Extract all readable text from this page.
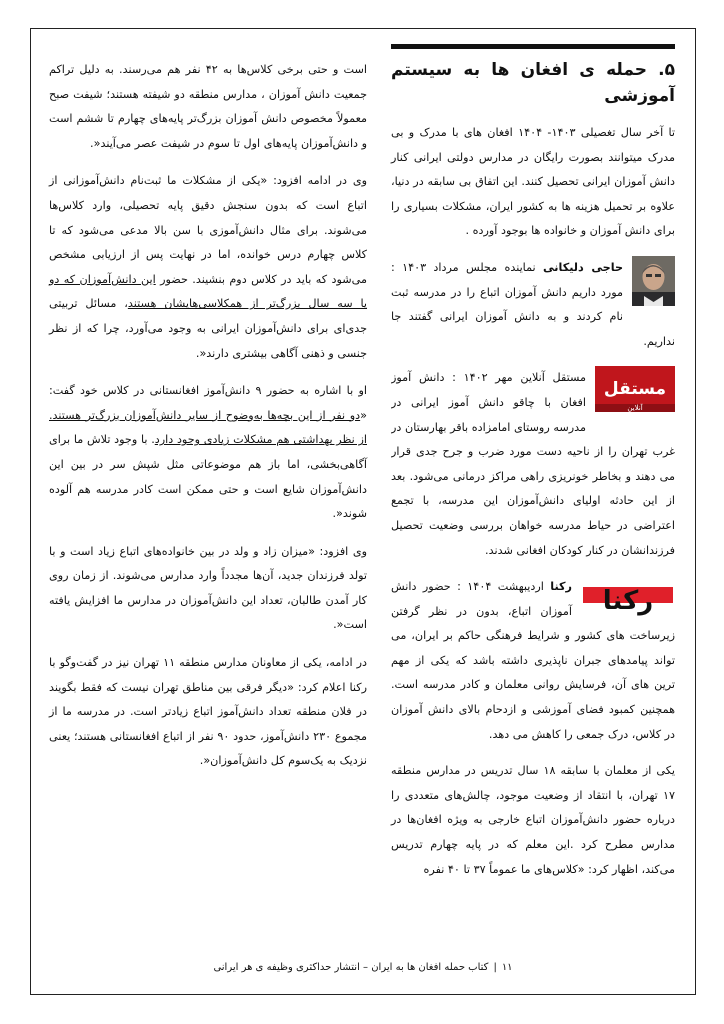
۵. حمله ی افغان ها به سیستم آموزشی

تا آخر سال تغصیلی ۱۴۰۳- ۱۴۰۴ افغان های با مدرک و بی مدرک میتوانند بصورت رایگان در مدارس دولتی ایرانی کنار دانش آموزان ایرانی تحصیل کنند. این اتفاق بی سابقه در دنیا، علاوه بر تحمیل هزینه ها به کشور ایران، مشکلات بسیاری را برای دانش آموزان و خانواده ها بوجود آورده .

حاجی دلیکانی نماینده مجلس مرداد ۱۴۰۳ : مورد داریم دانش آموزان اتباع را در مدرسه ثبت نام کردند و به دانش آموزان ایرانی گفتند جا نداریم.

مستقل
آنلاین

مستقل آنلاین مهر ۱۴۰۲ : دانش آموز افغان با چاقو دانش آموز ایرانی در مدرسه روستای امامزاده باقر بهارستان در غرب تهران را از ناحیه دست مورد ضرب و جرح جدی قرار می دهند و بخاطر خونریزی راهی مراکز درمانی می‌شود. بعد از این حادثه اولیای دانش‌آموزان این مدرسه، با تجمع اعتراضی در حیاط مدرسه خواهان بررسی وضعیت تحصیل فرزندانشان در کنار کودکان افغانی شدند.

رکنا

رکنا اردیبهشت ۱۴۰۴ : حضور دانش آموزان اتباع، بدون در نظر گرفتن زیرساخت های کشور و شرایط فرهنگی حاکم بر ایران، می تواند پیامدهای جبران ناپذیری داشته باشد که یکی از مهم ترین های آن، فرسایش روانی معلمان و کادر مدرسه است. همچنین کمبود فضای آموزشی و ازدحام بالای دانش آموزان در کلاس، درک جمعی را کاهش می دهد.

یکی از معلمان با سابقه ۱۸ سال تدریس در مدارس منطقه ۱۷ تهران، با انتقاد از وضعیت موجود، چالش‌های متعددی را درباره حضور دانش‌آموزان اتباع خارجی به ویژه افغان‌ها در مدارس مطرح کرد .این معلم که در پایه چهارم تدریس می‌کند، اظهار کرد: «کلاس‌های ما عموماً ۳۷ تا ۴۰ نفره

است و حتی برخی کلاس‌ها به ۴۲ نفر هم می‌رسند. به دلیل تراکم جمعیت دانش آموزان ، مدارس منطقه دو شیفته هستند؛ شیفت صبح معمولاً مخصوص دانش آموزان بزرگ‌تر پایه‌های چهارم تا ششم است و دانش‌آموزان پایه‌های اول تا سوم در شیفت عصر می‌آیند«.

وی در ادامه افزود: «یکی از مشکلات ما ثبت‌نام دانش‌آموزانی از اتباع است که بدون سنجش دقیق پایه تحصیلی، وارد کلاس‌ها می‌شوند. برای مثال دانش‌آموزی با سن بالا مدعی می‌شود که تا کلاس چهارم درس خوانده، اما در نهایت پس از ارزیابی مشخص می‌شود که باید در کلاس دوم بنشیند. حضور این دانش‌آموزان که دو یا سه سال بزرگ‌تر از همکلاسی‌هایشان هستند، مسائل تربیتی جدی‌ای برای دانش‌آموزان ایرانی به وجود می‌آورد، چرا که از نظر جنسی و ذهنی آگاهی بیشتری دارند«.

او با اشاره به حضور ۹ دانش‌آموز افغانستانی در کلاس خود گفت: «دو نفر از این بچه‌ها به‌وضوح از سایر دانش‌آموزان بزرگ‌تر هستند. از نظر بهداشتی هم مشکلات زیادی وجود دارد. با وجود تلاش ما برای آگاهی‌بخشی، اما باز هم موضوعاتی مثل شپش سر در بین این دانش‌آموزان شایع است و حتی ممکن است کادر مدرسه هم آلوده شوند«.

وی افزود: «میزان زاد و ولد در بین خانواده‌های اتباع زیاد است و با تولد فرزندان جدید، آن‌ها مجدداً وارد مدارس می‌شوند. از زمان روی کار آمدن طالبان، تعداد این دانش‌آموزان در مدارس ما افزایش یافته است«.

در ادامه، یکی از معاونان مدارس منطقه ۱۱ تهران نیز در گفت‌وگو با رکنا اعلام کرد: «دیگر فرقی بین مناطق تهران نیست که فقط بگویند در فلان منطقه تعداد دانش‌آموز اتباع زیادتر است. در مدرسه ما از مجموع ۲۳۰ دانش‌آموز، حدود ۹۰ نفر از اتباع افغانستانی هستند؛ یعنی نزدیک به یک‌سوم کل دانش‌آموزان«.

۱۱|کتاب حمله افغان ها به ایران – انتشار حداکثری وظیفه ی هر ایرانی
